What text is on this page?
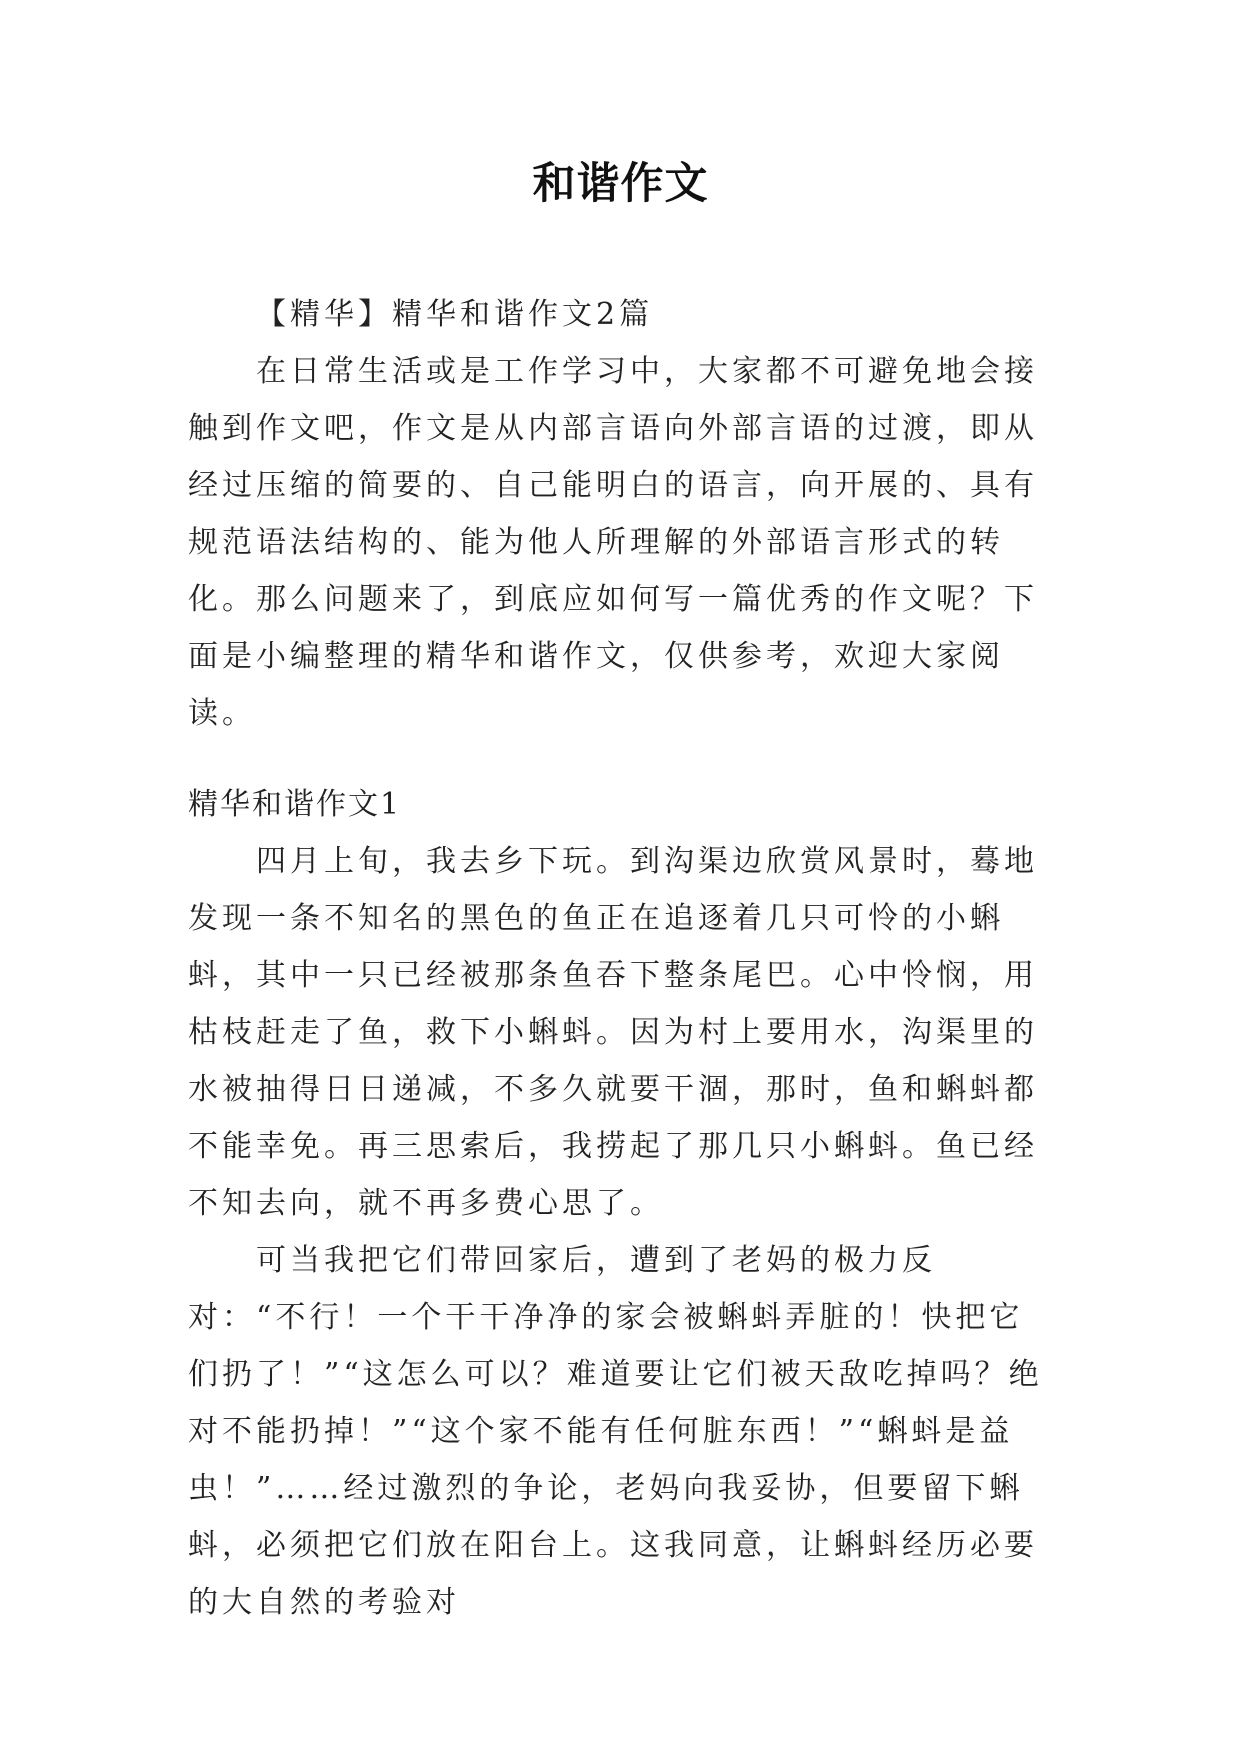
和谐作文

【精华】精华和谐作文2篇

在日常生活或是工作学习中，大家都不可避免地会接触到作文吧，作文是从内部言语向外部言语的过渡，即从经过压缩的简要的、自己能明白的语言，向开展的、具有规范语法结构的、能为他人所理解的外部语言形式的转化。那么问题来了，到底应如何写一篇优秀的作文呢？下面是小编整理的精华和谐作文，仅供参考，欢迎大家阅读。

精华和谐作文1

四月上旬，我去乡下玩。到沟渠边欣赏风景时，蓦地发现一条不知名的黑色的鱼正在追逐着几只可怜的小蝌蚪，其中一只已经被那条鱼吞下整条尾巴。心中怜悯，用枯枝赶走了鱼，救下小蝌蚪。因为村上要用水，沟渠里的水被抽得日日递减，不多久就要干涸，那时，鱼和蝌蚪都不能幸免。再三思索后，我捞起了那几只小蝌蚪。鱼已经不知去向，就不再多费心思了。

可当我把它们带回家后，遭到了老妈的极力反对：“不行！一个干干净净的家会被蝌蚪弄脏的！快把它们扔了！”“这怎么可以？难道要让它们被天敌吃掉吗？绝对不能扔掉！”“这个家不能有任何脏东西！”“蝌蚪是益虫！”……经过激烈的争论，老妈向我妥协，但要留下蝌蚪，必须把它们放在阳台上。这我同意，让蝌蚪经历必要的大自然的考验对
